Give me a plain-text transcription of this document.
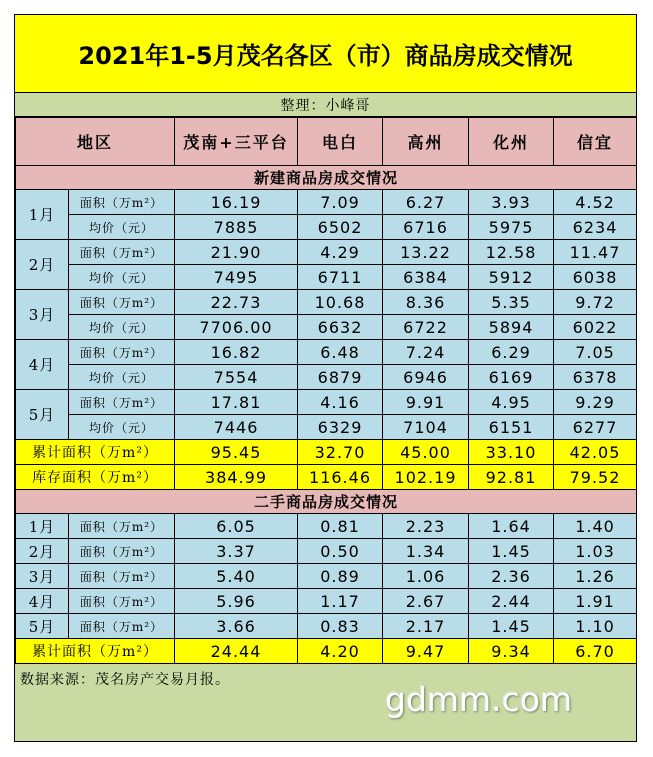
2021年1-5月茂名各区（市）商品房成交情况
整理：小峰哥
地区		茂南+三平台	电白	高州	化州	信宜
新建商品房成交情况						
1月	面积（万m²）	16.19	7.09	6.27	3.93	4.52
	均价（元）	7885	6502	6716	5975	6234
2月	面积（万m²）	21.90	4.29	13.22	12.58	11.47
	均价（元）	7495	6711	6384	5912	6038
3月	面积（万m²）	22.73	10.68	8.36	5.35	9.72
	均价（元）	7706.00	6632	6722	5894	6022
4月	面积（万m²）	16.82	6.48	7.24	6.29	7.05
	均价（元）	7554	6879	6946	6169	6378
5月	面积（万m²）	17.81	4.16	9.91	4.95	9.29
	均价（元）	7446	6329	7104	6151	6277
累计面积（万m²）		95.45	32.70	45.00	33.10	42.05
库存面积（万m²）		384.99	116.46	102.19	92.81	79.52
二手商品房成交情况						
1月	面积（万m²）	6.05	0.81	2.23	1.64	1.40
2月	面积（万m²）	3.37	0.50	1.34	1.45	1.03
3月	面积（万m²）	5.40	0.89	1.06	2.36	1.26
4月	面积（万m²）	5.96	1.17	2.67	2.44	1.91
5月	面积（万m²）	3.66	0.83	2.17	1.45	1.10
累计面积（万m²）		24.44	4.20	9.47	9.34	6.70
数据来源：茂名房产交易月报。	gdmm.com
